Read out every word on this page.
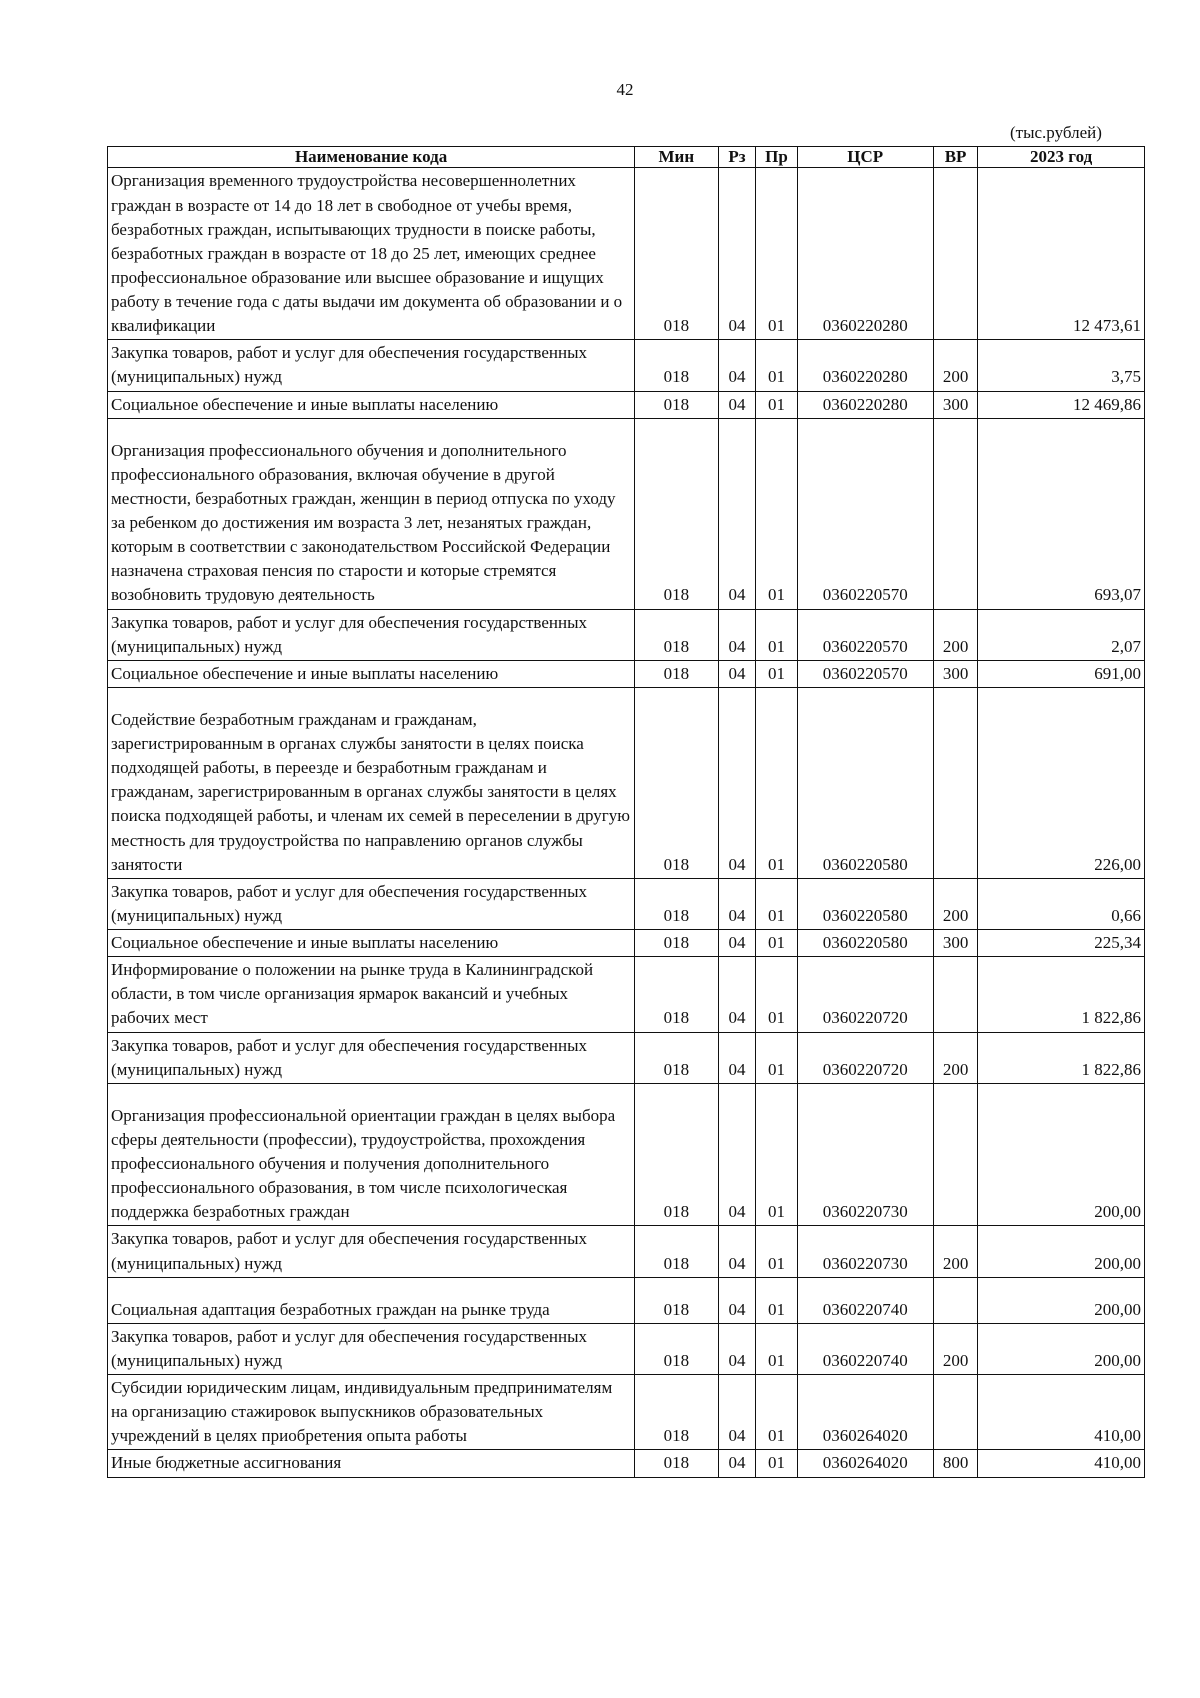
42
(тыс.рублей)
Наименование кода	Мин	Рз	Пр	ЦСР	ВР	2023 год
Организация временного трудоустройства несовершеннолетних граждан в возрасте от 14 до 18 лет в свободное от учебы время, безработных граждан, испытывающих трудности в поиске работы, безработных граждан в возрасте от 18 до 25 лет, имеющих среднее профессиональное образование или высшее образование и ищущих работу в течение года с даты выдачи им документа об образовании и о квалификации	018	04	01	0360220280		12 473,61
Закупка товаров, работ и услуг для обеспечения государственных (муниципальных) нужд	018	04	01	0360220280	200	3,75
Социальное обеспечение и иные выплаты населению	018	04	01	0360220280	300	12 469,86
Организация профессионального обучения и дополнительного профессионального образования, включая обучение в другой местности, безработных граждан, женщин в период отпуска по уходу за ребенком до достижения им возраста 3 лет, незанятых граждан, которым в соответствии с законодательством Российской Федерации назначена страховая пенсия по старости и которые стремятся возобновить трудовую деятельность	018	04	01	0360220570		693,07
Закупка товаров, работ и услуг для обеспечения государственных (муниципальных) нужд	018	04	01	0360220570	200	2,07
Социальное обеспечение и иные выплаты населению	018	04	01	0360220570	300	691,00
Содействие безработным гражданам и гражданам, зарегистрированным в органах службы занятости в целях поиска подходящей работы, в переезде и безработным гражданам и гражданам, зарегистрированным в органах службы занятости в целях поиска подходящей работы, и членам их семей в переселении в другую местность для трудоустройства по направлению органов службы занятости	018	04	01	0360220580		226,00
Закупка товаров, работ и услуг для обеспечения государственных (муниципальных) нужд	018	04	01	0360220580	200	0,66
Социальное обеспечение и иные выплаты населению	018	04	01	0360220580	300	225,34
Информирование о положении на рынке труда в Калининградской области, в том числе организация ярмарок вакансий и учебных рабочих мест	018	04	01	0360220720		1 822,86
Закупка товаров, работ и услуг для обеспечения государственных (муниципальных) нужд	018	04	01	0360220720	200	1 822,86
Организация профессиональной ориентации граждан в целях выбора сферы деятельности (профессии), трудоустройства, прохождения профессионального обучения и получения дополнительного профессионального образования, в том числе психологическая поддержка безработных граждан	018	04	01	0360220730		200,00
Закупка товаров, работ и услуг для обеспечения государственных (муниципальных) нужд	018	04	01	0360220730	200	200,00
Социальная адаптация безработных граждан на рынке труда	018	04	01	0360220740		200,00
Закупка товаров, работ и услуг для обеспечения государственных (муниципальных) нужд	018	04	01	0360220740	200	200,00
Субсидии юридическим лицам, индивидуальным предпринимателям на организацию стажировок выпускников образовательных учреждений в целях приобретения опыта работы	018	04	01	0360264020		410,00
Иные бюджетные ассигнования	018	04	01	0360264020	800	410,00
